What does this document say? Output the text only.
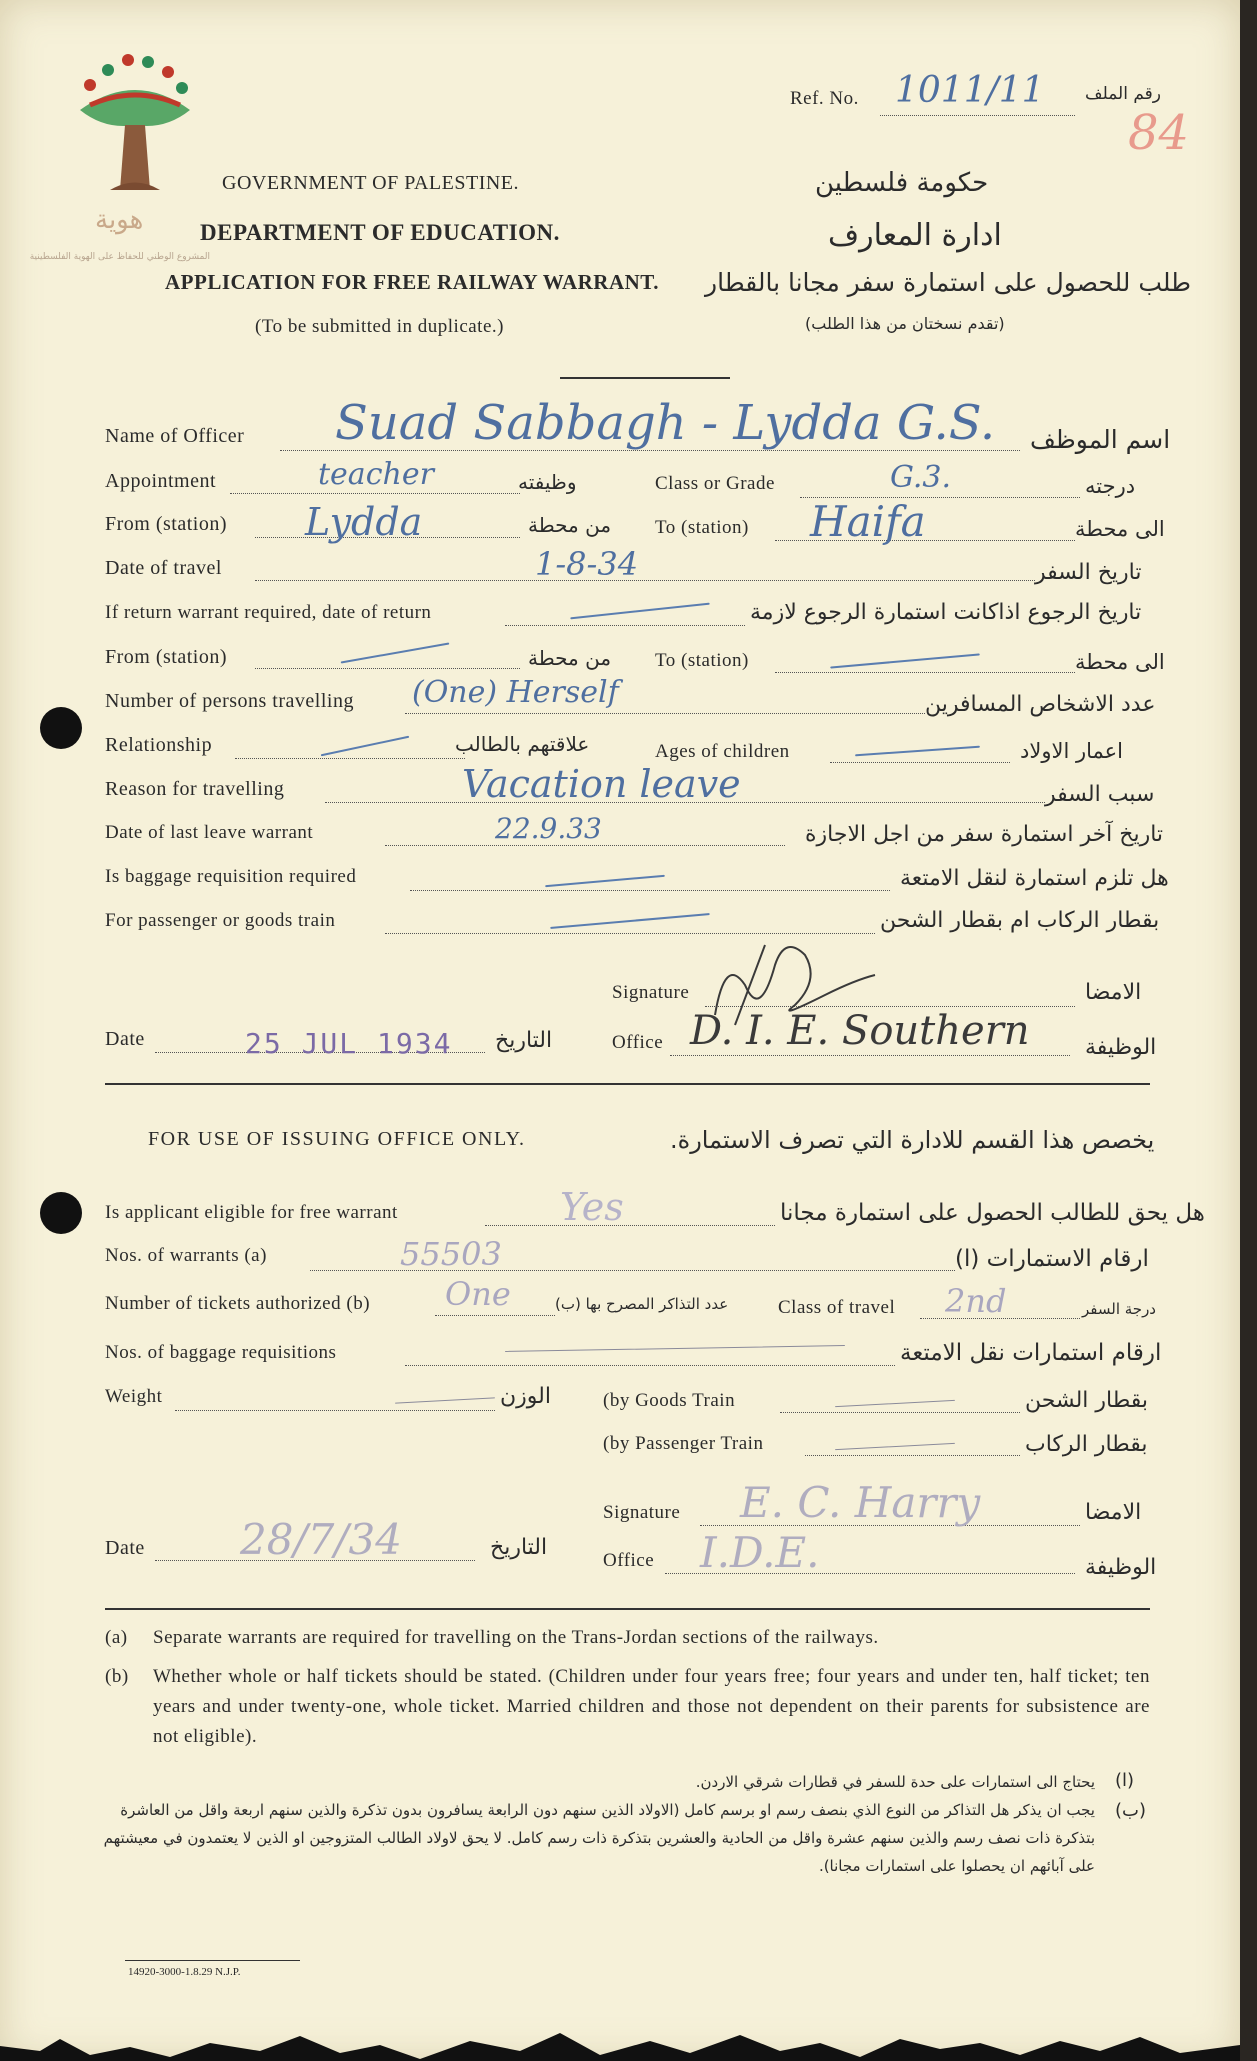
هوية
المشروع الوطني للحفاظ على الهوية الفلسطينية
Ref. No. 1011/11 رقم الملف
84
GOVERNMENT OF PALESTINE.	حكومة فلسطين
DEPARTMENT OF EDUCATION.	ادارة المعارف
APPLICATION FOR FREE RAILWAY WARRANT. طلب للحصول على استمارة سفر مجانا بالقطار
(To be submitted in duplicate.)	(تقدم نسختان من هذا الطلب)
Name of Officer Suad Sabbagh - Lydda G.S. اسم الموظف
Appointment	teacher	وظيفته	Class or Grade	G.3.	درجته
From (station) Lydda	من محطة To (station) Haifa	الى محطة
Date of travel	1-8-34	تاريخ السفر
If return warrant required, date of return	تاريخ الرجوع اذاكانت استمارة الرجوع لازمة
From (station)	من محطة To (station)	الى محطة
Number of persons travelling (One) Herself	عدد الاشخاص المسافرين
Relationship	علاقتهم بالطالب	Ages of children	اعمار الاولاد
Reason for travelling	Vacation leave	سبب السفر
Date of last leave warrant	22.9.33	تاريخ آخر استمارة سفر من اجل الاجازة
Is baggage requisition required	هل تلزم استمارة لنقل الامتعة
For passenger or goods train	بقطار الركاب ام بقطار الشحن
Signature	الامضا
Date	25 JUL 1934 التاريخ	Office D. I. E. Southern	الوظيفة
FOR USE OF ISSUING OFFICE ONLY.	يخصص هذا القسم للادارة التي تصرف الاستمارة.
Is applicant eligible for free warrant	Yes	هل يحق للطالب الحصول على استمارة مجانا
Nos. of warrants (a)	55503	ارقام الاستمارات (ا)
Number of tickets authorized (b) One	عدد التذاكر المصرح بها (ب)	Class of travel 2nd	درجة السفر
Nos. of baggage requisitions	ارقام استمارات نقل الامتعة
Weight	الوزن	(by Goods Train	بقطار الشحن
(by Passenger Train	بقطار الركاب
Signature E. C. Harry	الامضا
Date 28/7/34	التاريخ
Office I.D.E.	الوظيفة
(a)	Separate warrants are required for travelling on the Trans-Jordan sections of the railways.
(b)	Whether whole or half tickets should be stated. (Children under four years free; four years and under ten, half ticket; ten years and under twenty-one, whole ticket. Married children and those not dependent on their parents for subsistence are not eligible).
يحتاج الى استمارات على حدة للسفر في قطارات شرقي الاردن. (ا)
يجب ان يذكر هل التذاكر من النوع الذي بنصف رسم او برسم كامل (الاولاد الذين سنهم دون الرابعة يسافرون بدون تذكرة والذين سنهم اربعة واقل من العاشرة بتذكرة ذات نصف رسم والذين سنهم عشرة واقل من الحادية والعشرين بتذكرة ذات رسم كامل. لا يحق لاولاد الطالب المتزوجين او الذين لا يعتمدون في معيشتهم على آبائهم ان يحصلوا على استمارات مجانا).
(ب)
14920-3000-1.8.29 N.J.P.
